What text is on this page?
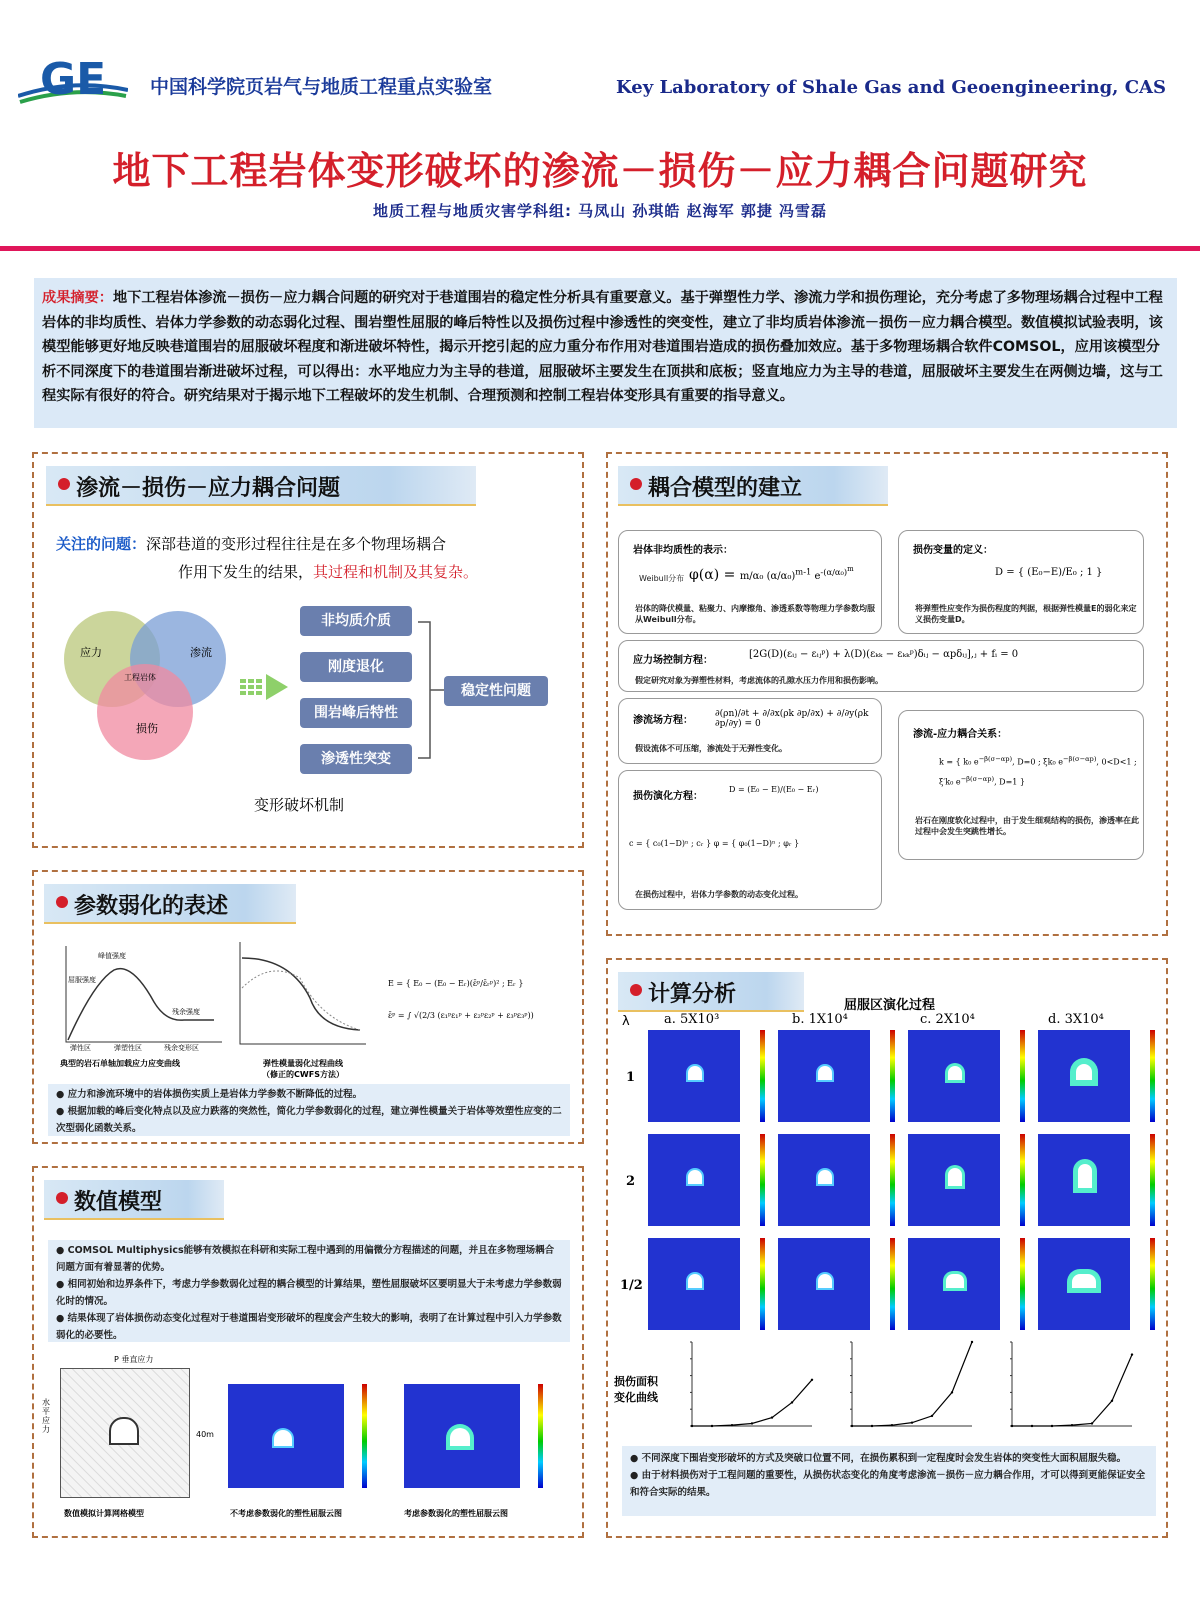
GE 中国科学院页岩气与地质工程重点实验室	Key Laboratory of Shale Gas and Geoengineering, CAS
地下工程岩体变形破坏的渗流－损伤－应力耦合问题研究
地质工程与地质灾害学科组: 马凤山 孙琪皓 赵海军 郭捷 冯雪磊
成果摘要：地下工程岩体渗流－损伤－应力耦合问题的研究对于巷道围岩的稳定性分析具有重要意义。基于弹塑性力学、渗流力学和损伤理论，充分考虑了多物理场耦合过程中工程岩体的非均质性、岩体力学参数的动态弱化过程、围岩塑性屈服的峰后特性以及损伤过程中渗透性的突变性，建立了非均质岩体渗流－损伤－应力耦合模型。数值模拟试验表明，该模型能够更好地反映巷道围岩的屈服破坏程度和渐进破坏特性，揭示开挖引起的应力重分布作用对巷道围岩造成的损伤叠加效应。基于多物理场耦合软件COMSOL，应用该模型分析不同深度下的巷道围岩渐进破坏过程，可以得出：水平地应力为主导的巷道，屈服破坏主要发生在顶拱和底板；竖直地应力为主导的巷道，屈服破坏主要发生在两侧边墙，这与工程实际有很好的符合。研究结果对于揭示地下工程破坏的发生机制、合理预测和控制工程岩体变形具有重要的指导意义。
渗流－损伤－应力耦合问题
关注的问题：深部巷道的变形过程往往是在多个物理场耦合
作用下发生的结果，其过程和机制及其复杂。
应力	渗流
损伤
工程岩体
非均质介质
刚度退化
围岩峰后特性
渗透性突变
稳定性问题
变形破坏机制
耦合模型的建立
岩体非均质性的表示：
Weibull分布 φ(α) = m/α₀ $(\alpha/\alpha_0)^{m-1}$ $e^{-(\alpha/\alpha_0)^m}$
岩体的降伏模量、粘聚力、内摩擦角、渗透系数等物理力学参数均服从Weibull分布。
损伤变量的定义：
D = { (E₀−E)/E₀ ; 1 }
将弹塑性应变作为损伤程度的判据，根据弹性模量E的弱化来定义损伤变量D。
应力场控制方程：
[2G(D)(εᵢⱼ − εᵢⱼᵖ) + λ(D)(εₖₖ − εₖₖᵖ)δᵢⱼ − αpδᵢⱼ],ⱼ + fᵢ = 0
假定研究对象为弹塑性材料，考虑流体的孔隙水压力作用和损伤影响。
渗流场方程：
∂(ρn)/∂t + ∂/∂x(ρk ∂p/∂x) + ∂/∂y(ρk ∂p/∂y) = 0
假设流体不可压缩，渗流处于无弹性变化。
渗流-应力耦合关系：
k = { k₀ $e^{-\beta(\sigma-\alpha p)}$, D=0 ; ξk₀ $e^{-\beta(\sigma-\alpha p)}$, 0<D<1 ; ξ′k₀ $e^{-\beta(\sigma-\alpha p)}$, D=1 }
岩石在刚度软化过程中，由于发生细观结构的损伤，渗透率在此过程中会发生突跳性增长。
损伤演化方程：
D = (E₀ − E)/(E₀ − Eᵣ)
c = { c₀(1−D)ⁿ ; cᵣ } φ = { φ₀(1−D)ⁿ ; φᵣ }
在损伤过程中，岩体力学参数的动态变化过程。
参数弱化的表述
峰值强度
残余强度
屈服强度
弹性区	弹塑性区	残余变形区
典型的岩石单轴加载应力应变曲线	弹性模量弱化过程曲线
（修正的CWFS方法）
E = { E₀ − (E₀ − Eᵣ)(ε̄ᵖ/ε̄ᵣᵖ)² ; Eᵣ }

ε̄ᵖ = ∫ √(2/3 (ε₁ᵖε₁ᵖ + ε₂ᵖε₂ᵖ + ε₃ᵖε₃ᵖ))
● 应力和渗流环境中的岩体损伤实质上是岩体力学参数不断降低的过程。
● 根据加载的峰后变化特点以及应力跌落的突然性，简化力学参数弱化的过程，建立弹性模量关于岩体等效塑性应变的二次型弱化函数关系。
数值模型
● COMSOL Multiphysics能够有效模拟在科研和实际工程中遇到的用偏微分方程描述的问题，并且在多物理场耦合问题方面有着显著的优势。
● 相同初始和边界条件下，考虑力学参数弱化过程的耦合模型的计算结果，塑性屈服破坏区要明显大于未考虑力学参数弱化时的情况。
● 结果体现了岩体损伤动态变化过程对于巷道围岩变形破坏的程度会产生较大的影响，表明了在计算过程中引入力学参数弱化的必要性。
P 垂直应力
水平应力
40m
数值模拟计算网格模型	不考虑参数弱化的塑性屈服云图	考虑参数弱化的塑性屈服云图
计算分析	屈服区演化过程
λ	a. 5X10³	b. 1X10⁴	c. 2X10⁴	d. 3X10⁴
1
2
1/2
损伤面积
变化曲线
● 不同深度下围岩变形破坏的方式及突破口位置不同，在损伤累积到一定程度时会发生岩体的突变性大面积屈服失稳。
● 由于材料损伤对于工程问题的重要性，从损伤状态变化的角度考虑渗流－损伤－应力耦合作用，才可以得到更能保证安全和符合实际的结果。
